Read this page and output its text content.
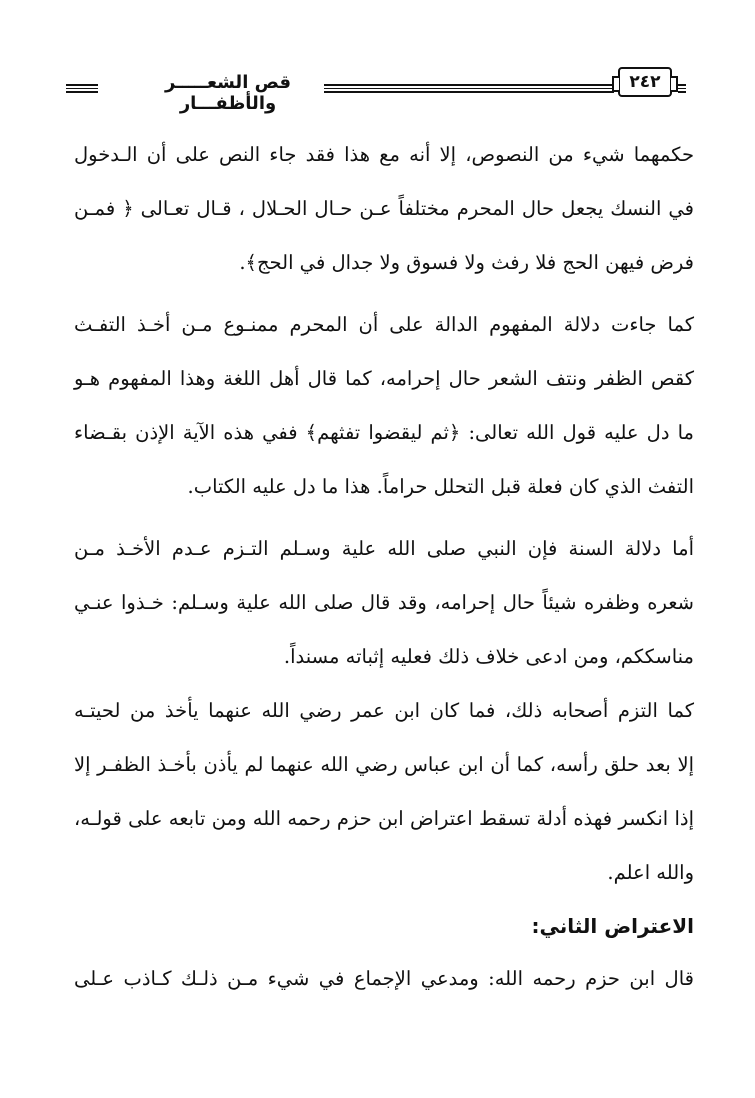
قص الشعـــــر والأظفـــار
٢٤٢
حكمهما شيء من النصوص، إلا أنه مع هذا فقد جاء النص على أن الـدخول
في النسك يجعل حال المحرم مختلفاً عـن حـال الحـلال ، قـال تعـالى ﴿ فمـن
فرض فيهن الحج فلا رفث ولا فسوق ولا جدال في الحج﴾.
كما جاءت دلالة المفهوم الدالة على أن المحرم ممنـوع مـن أخـذ التفـث
كقص الظفر ونتف الشعر حال إحرامه، كما قال أهل اللغة وهذا المفهوم هـو
ما دل عليه قول الله تعالى: ﴿ثم ليقضوا تفثهم﴾ ففي هذه الآية الإذن بقـضاء
التفث الذي كان فعلة قبل التحلل حراماً. هذا ما دل عليه الكتاب.
أما دلالة السنة فإن النبي صلى الله علية وسـلم التـزم عـدم الأخـذ مـن
شعره وظفره شيئاً حال إحرامه، وقد قال صلى الله علية وسـلم: خـذوا عنـي
مناسككم، ومن ادعى خلاف ذلك فعليه إثباته مسنداً.
كما التزم أصحابه ذلك، فما كان ابن عمر رضي الله عنهما يأخذ من لحيتـه
إلا بعد حلق رأسه، كما أن ابن عباس رضي الله عنهما لم يأذن بأخـذ الظفـر إلا
إذا انكسر فهذه أدلة تسقط اعتراض ابن حزم رحمه الله ومن تابعه على قولـه،
والله اعلم.
الاعتراض الثاني:
قال ابن حزم رحمه الله: ومدعي الإجماع في شيء مـن ذلـك كـاذب عـلى
